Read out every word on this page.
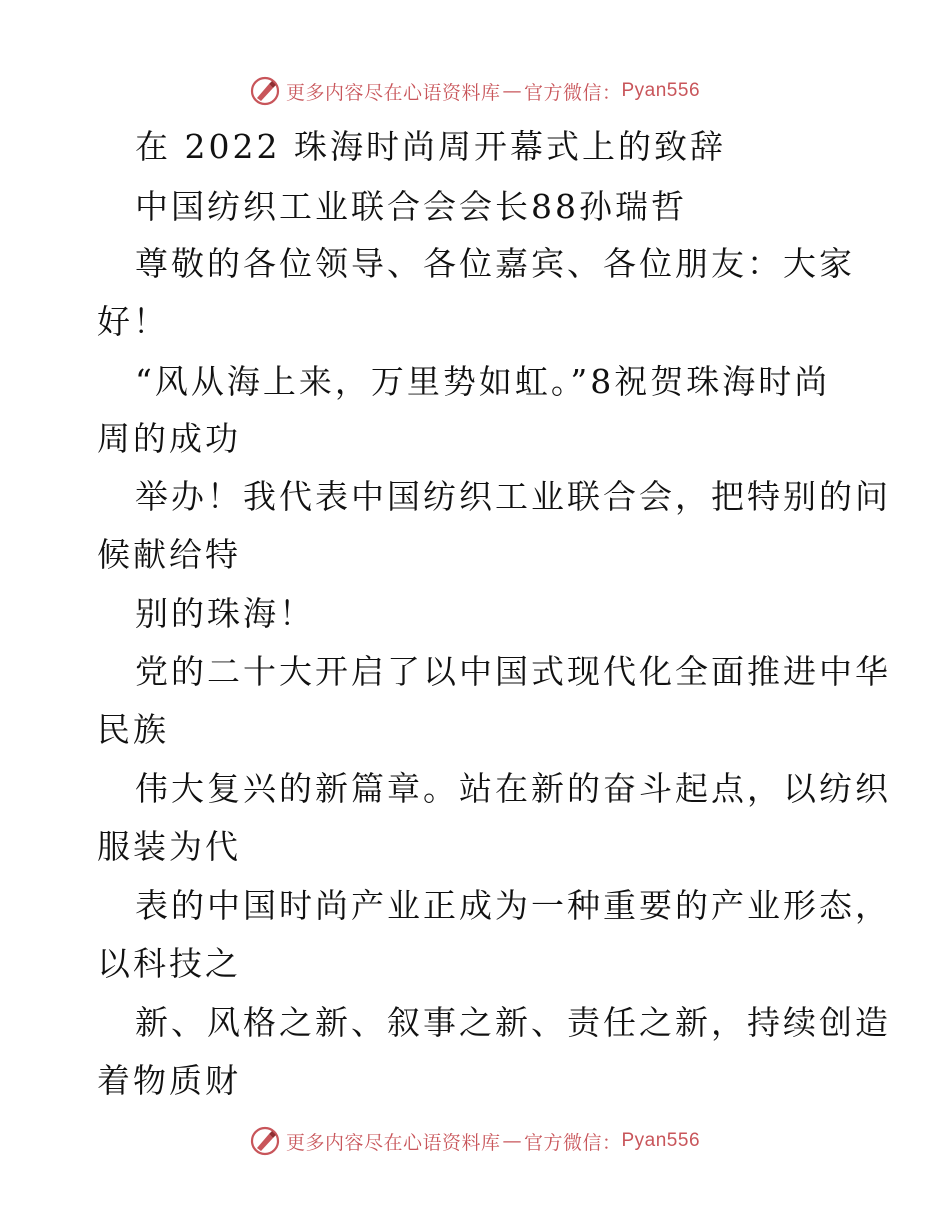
更多内容尽在心语资料库 — 官方微信： Pyan556
在 2022 珠海时尚周开幕式上的致辞
中国纺织工业联合会会长88孙瑞哲
尊敬的各位领导、各位嘉宾、各位朋友：大家
好！
“风从海上来，万里势如虹。”8祝贺珠海时尚
周的成功
举办！我代表中国纺织工业联合会，把特别的问
候献给特
别的珠海！
党的二十大开启了以中国式现代化全面推进中华
民族
伟大复兴的新篇章。站在新的奋斗起点，以纺织
服装为代
表的中国时尚产业正成为一种重要的产业形态，
以科技之
新、风格之新、叙事之新、责任之新，持续创造
着物质财
更多内容尽在心语资料库 — 官方微信： Pyan556
